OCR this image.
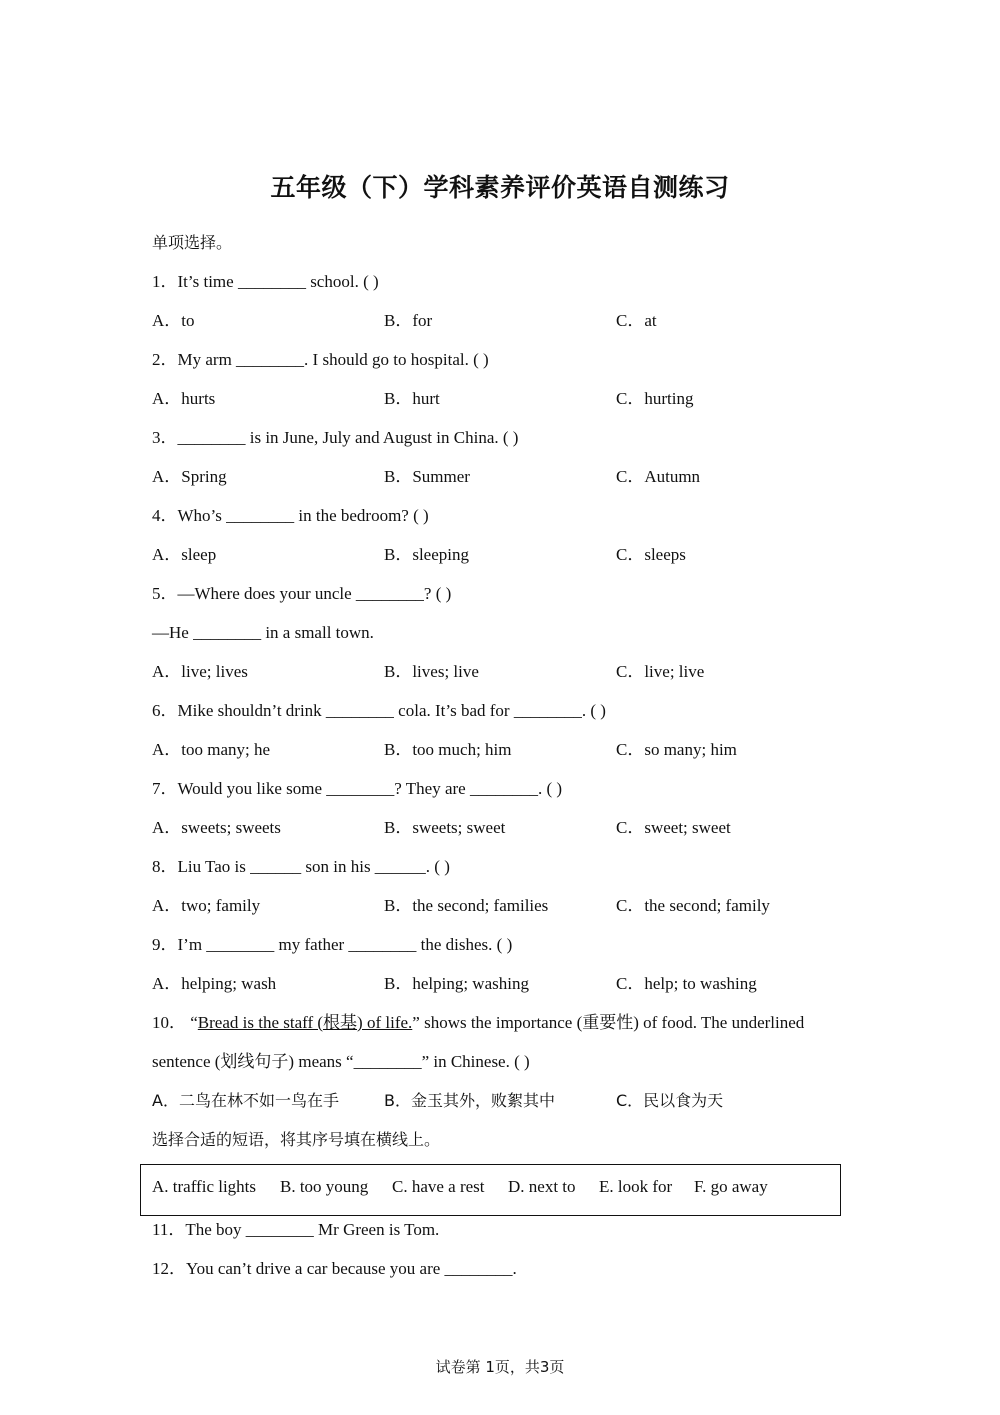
五年级（下）学科素养评价英语自测练习
单项选择。
1．It’s time ________ school. ( )
A．to	B．for	C．at
2．My arm ________. I should go to hospital. ( )
A．hurts	B．hurt	C．hurting
3．________ is in June, July and August in China. ( )
A．Spring	B．Summer	C．Autumn
4．Who’s ________ in the bedroom? ( )
A．sleep	B．sleeping	C．sleeps
5．—Where does your uncle ________? ( )
—He ________ in a small town.
A．live; lives	B．lives; live	C．live; live
6．Mike shouldn’t drink ________ cola. It’s bad for ________. ( )
A．too many; he	B．too much; him	C．so many; him
7．Would you like some ________? They are ________. ( )
A．sweets; sweets	B．sweets; sweet	C．sweet; sweet
8．Liu Tao is ______ son in his ______. ( )
A．two; family	B．the second; families	C．the second; family
9．I’m ________ my father ________ the dishes. ( )
A．helping; wash	B．helping; washing	C．help; to washing
10． “Bread is the staff (根基) of life.” shows the importance (重要性) of food. The underlined
sentence (划线句子) means “________” in Chinese. ( )
A．二鸟在林不如一鸟在手	B．金玉其外，败絮其中	C．民以食为天
选择合适的短语，将其序号填在横线上。
A. traffic lights B. too young C. have a rest D. next to E. look for F. go away
11．The boy ________ Mr Green is Tom.
12．You can’t drive a car because you are ________.
试卷第 1页，共3页
